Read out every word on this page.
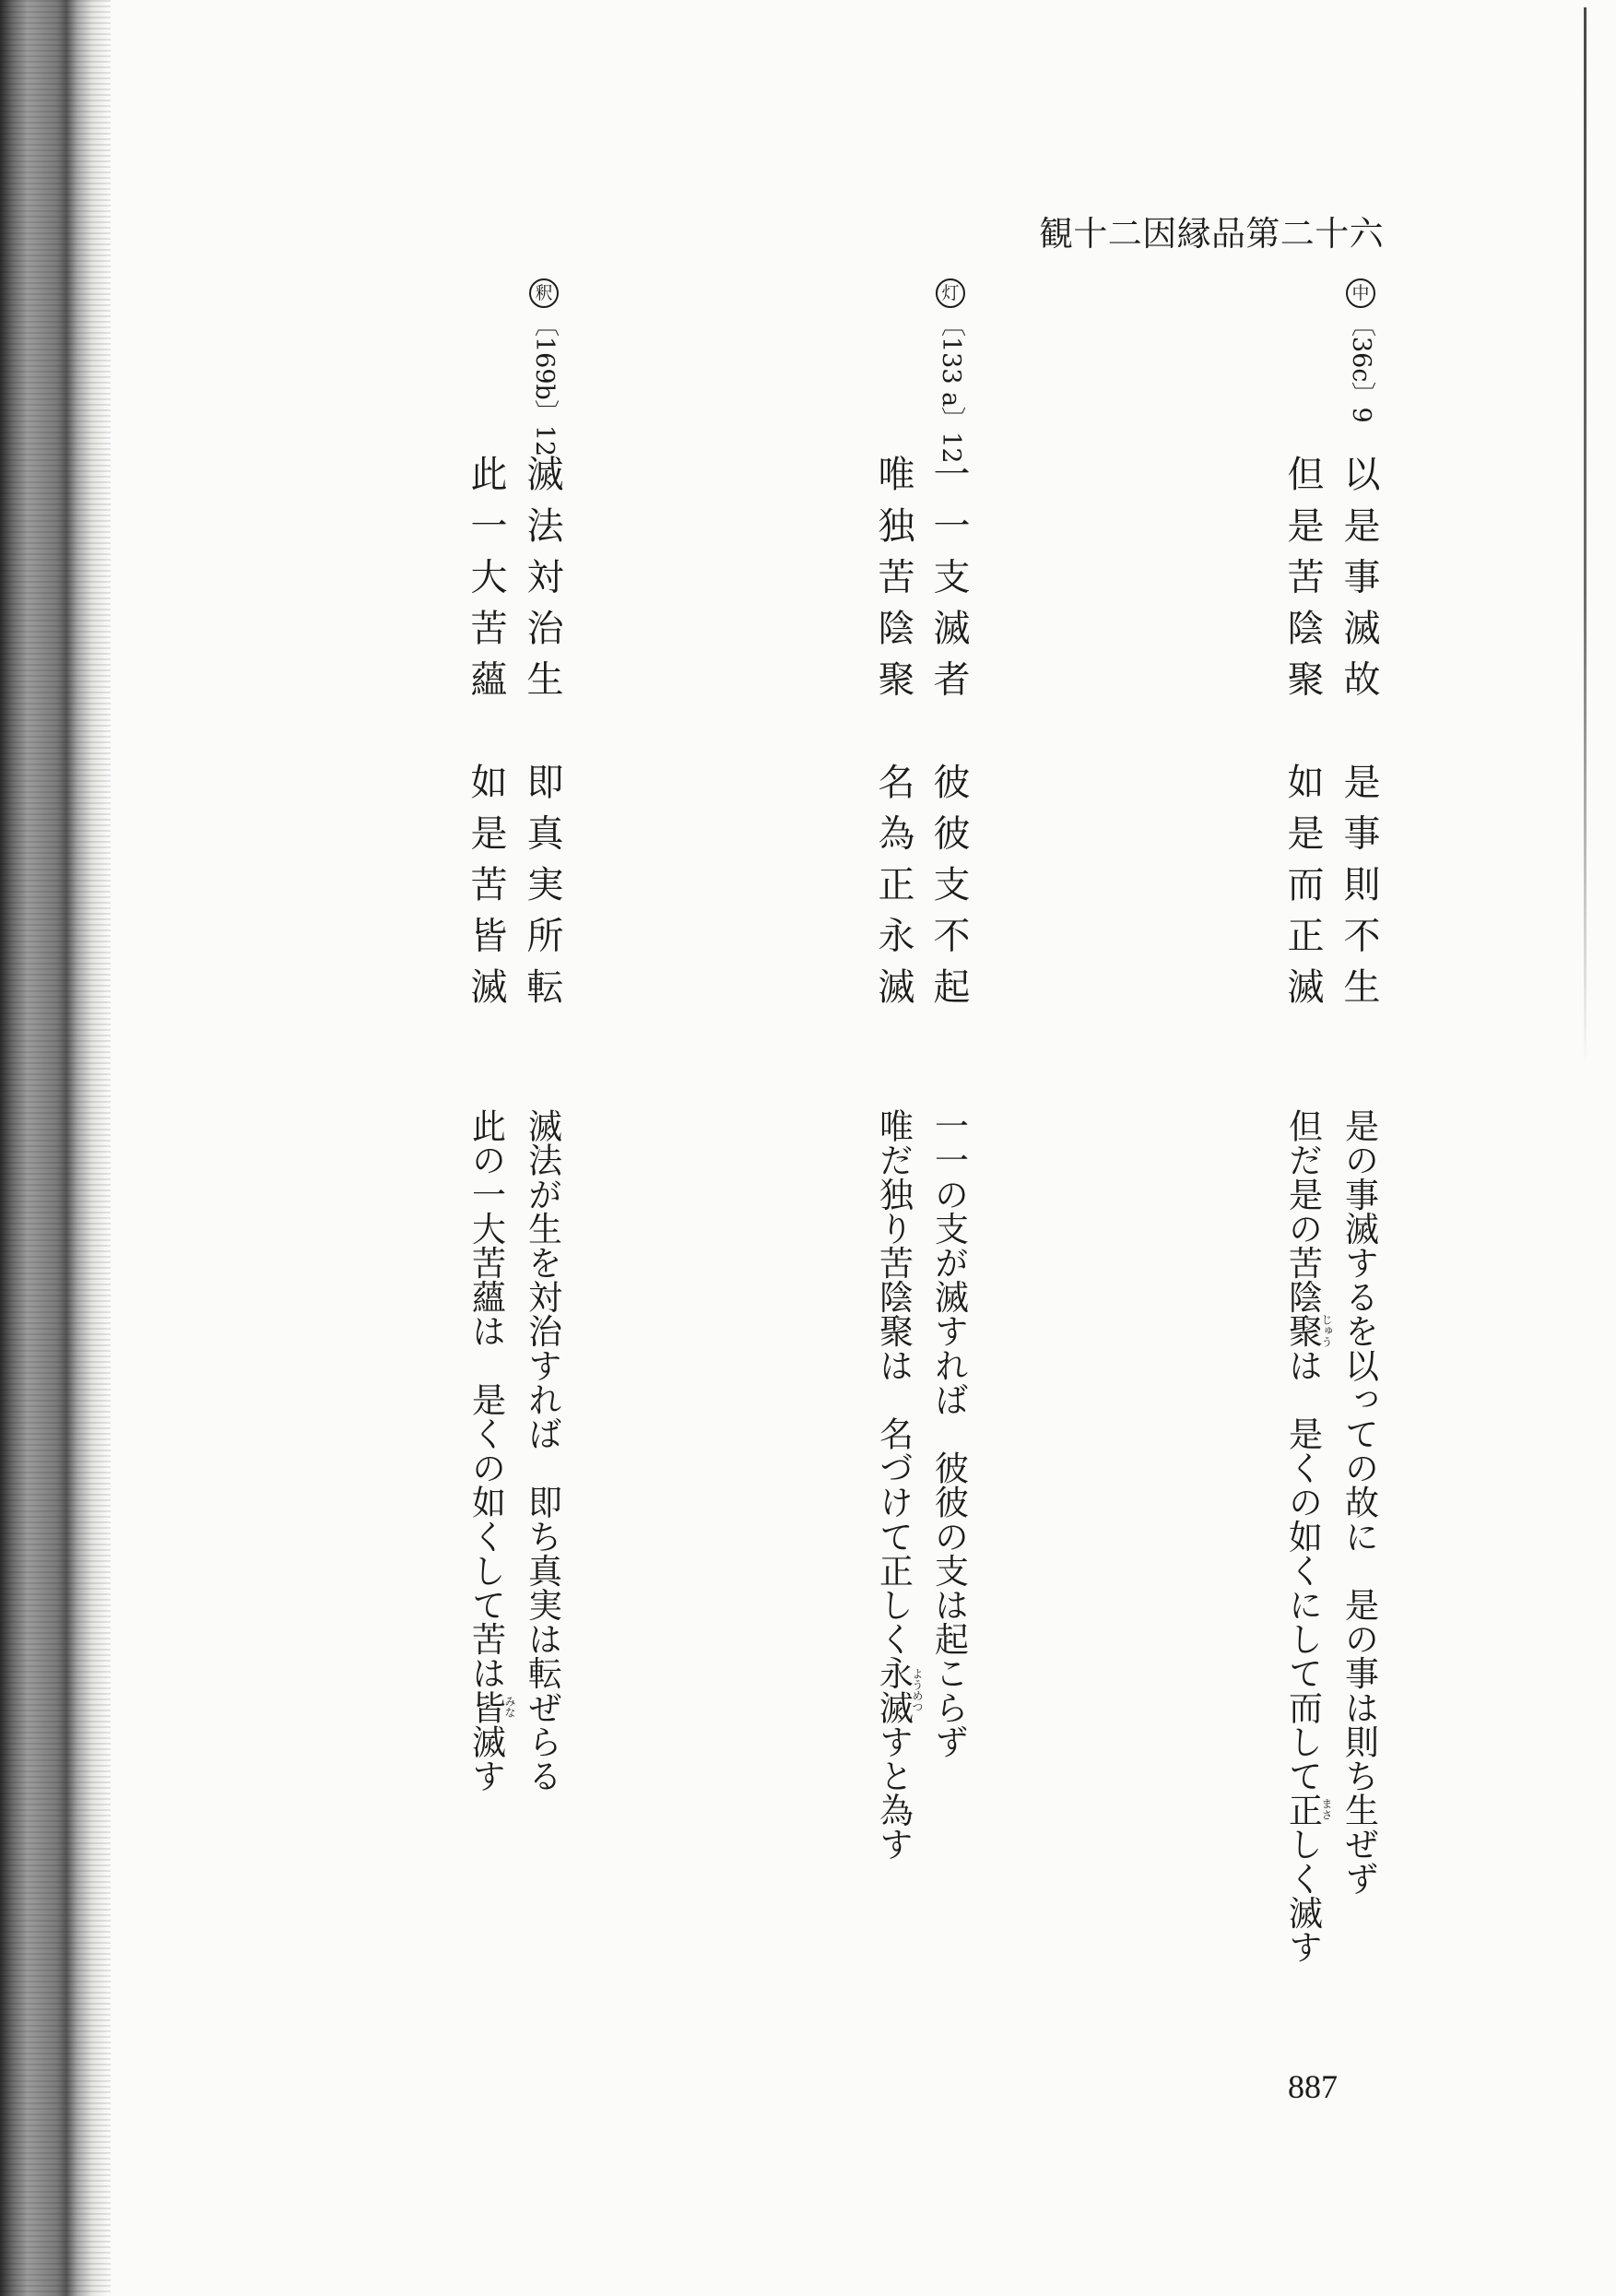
観十二因縁品第二十六
中
〔36c〕9
以是事滅故　是事則不生
但是苦陰聚　如是而正滅
是の事滅するを以っての故に　是の事は則ち生ぜず
但だ是の苦陰聚は　是くの如くにして而して正しく滅す
じゅう
まさ
灯
〔133 a〕12
一一支滅者　彼彼支不起
唯独苦陰聚　名為正永滅
一一の支が滅すれば　彼彼の支は起こらず
唯だ独り苦陰聚は　名づけて正しく永滅すと為す
ようめつ
釈
〔169b〕12
滅法対治生　即真実所転
此一大苦蘊　如是苦皆滅
滅法が生を対治すれば　即ち真実は転ぜらる
此の一大苦蘊は　是くの如くして苦は皆滅す
みな
887
